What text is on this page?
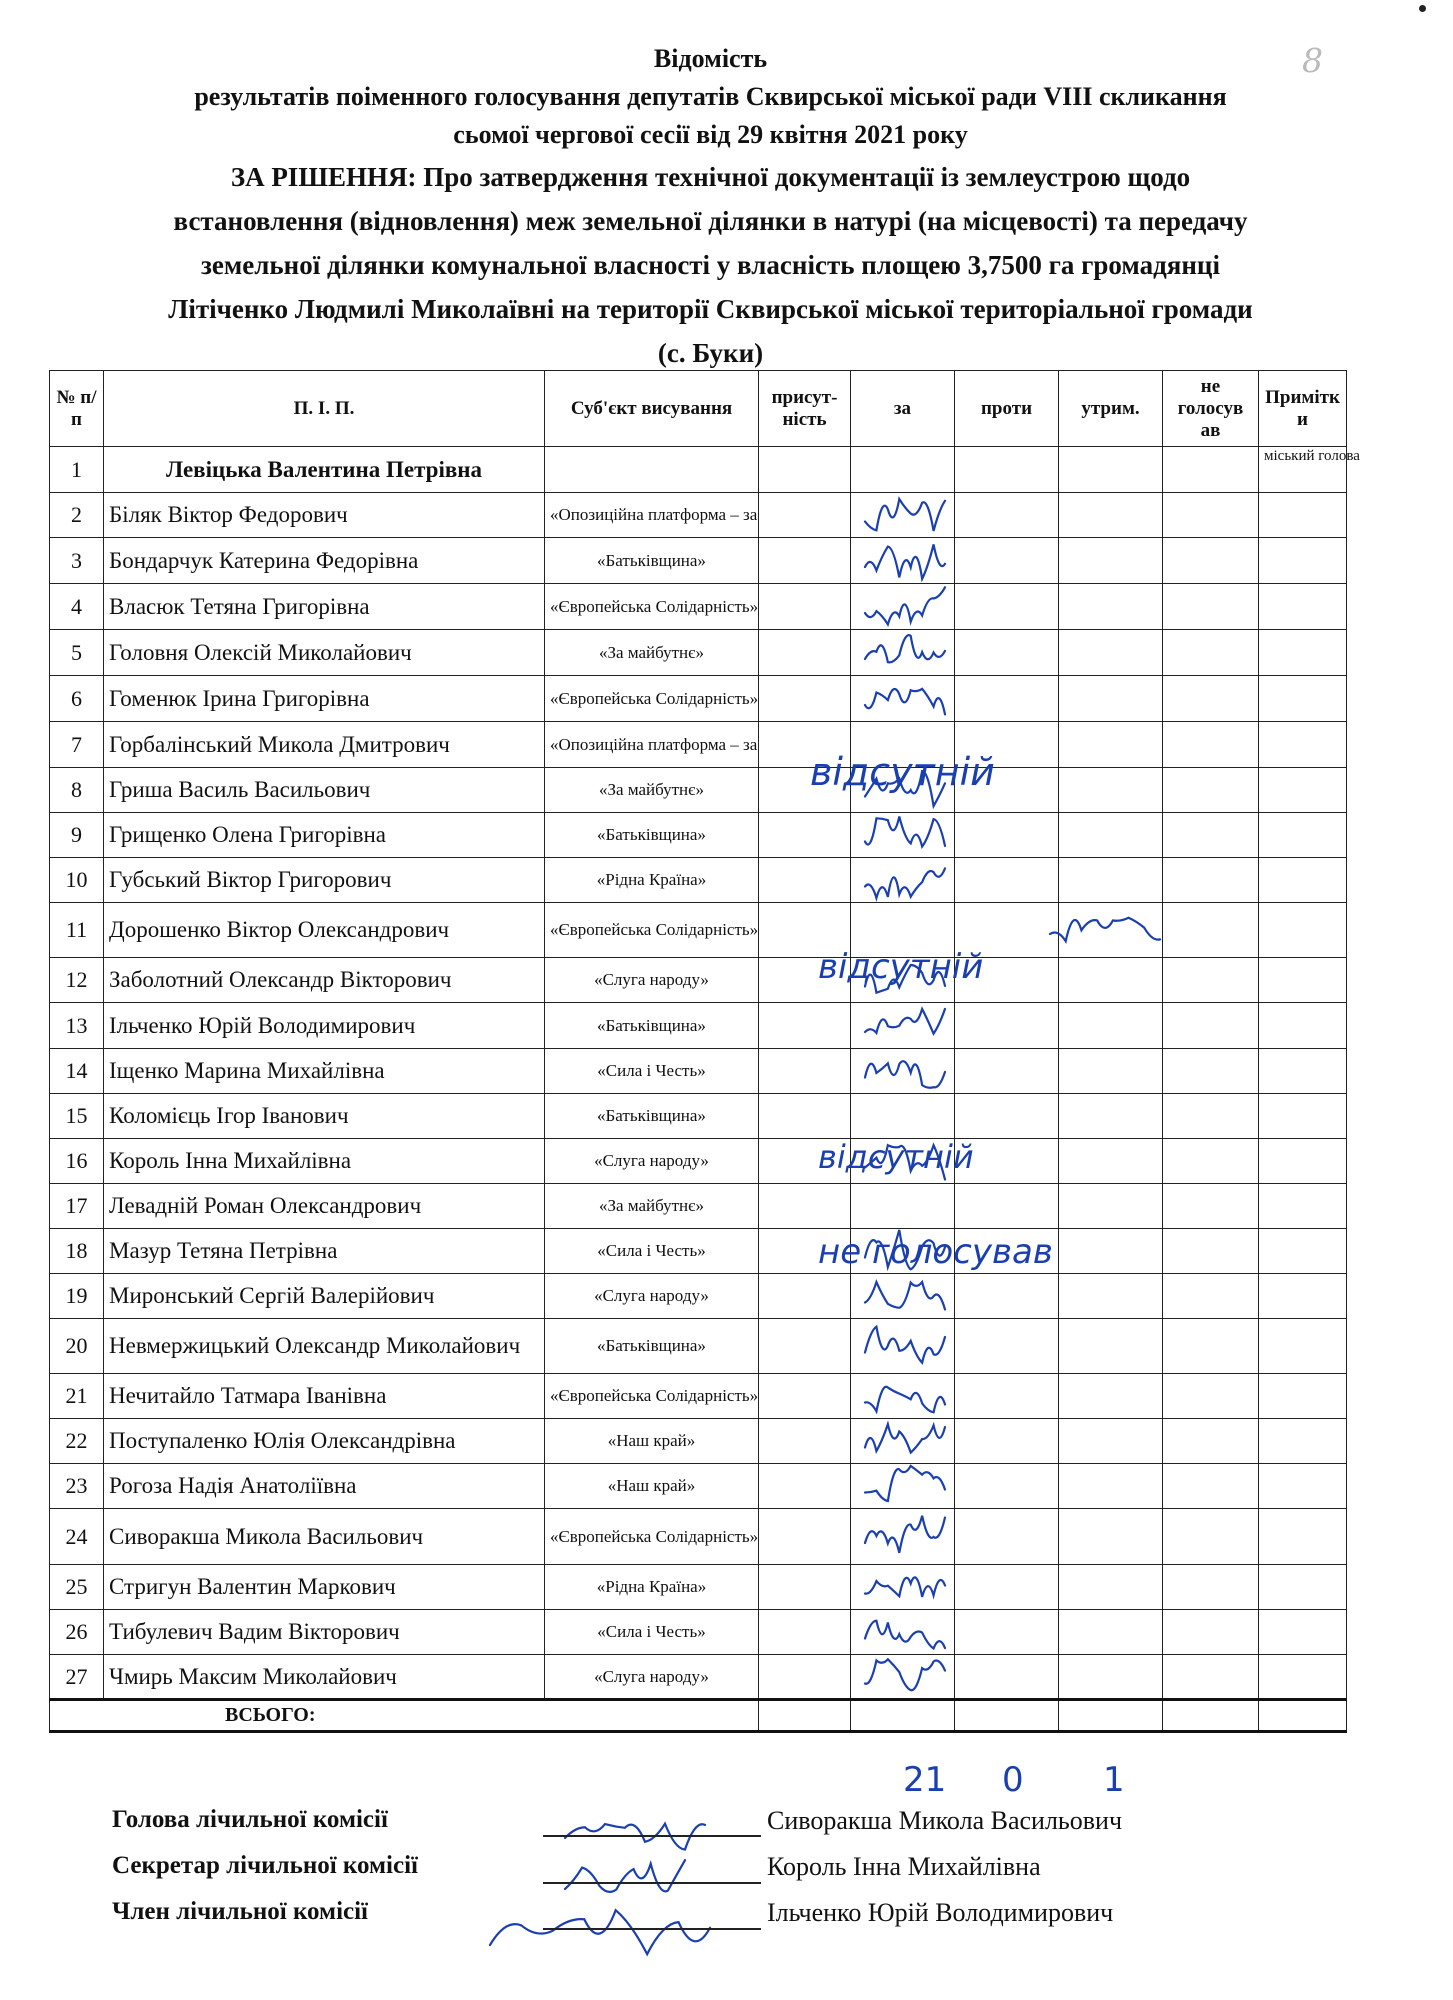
8
Відомість
результатів поіменного голосування депутатів Сквирської міської ради VIII скликання
сьомої чергової сесії від 29 квітня 2021 року
ЗА РІШЕННЯ: Про затвердження технічної документації із землеустрою щодо
встановлення (відновлення) меж земельної ділянки в натурі (на місцевості) та передачу
земельної ділянки комунальної власності у власність площею 3,7500 га громадянці
Літіченко Людмилі Миколаївні на території Сквирської міської територіальної громади
(с. Буки)
№ п/п	П. І. П.	Суб'єкт висування	присут-ність	за	проти	утрим.	не голосув ав	Примітк и
1	Левіцька Валентина Петрівна							міський голова
2	Біляк Віктор Федорович	«Опозиційна платформа – за						
3	Бондарчук Катерина Федорівна	«Батьківщина»						
4	Власюк Тетяна Григорівна	«Європейська Солідарність»						
5	Головня Олексій Миколайович	«За майбутнє»						
6	Гоменюк Ірина Григорівна	«Європейська Солідарність»						
7	Горбалінський Микола Дмитрович	«Опозиційна платформа – за						
8	Гриша Василь Васильович	«За майбутнє»						
9	Грищенко Олена Григорівна	«Батьківщина»						
10	Губський Віктор Григорович	«Рідна Країна»						
11	Дорошенко Віктор Олександрович	«Європейська Солідарність»						
12	Заболотний Олександр Вікторович	«Слуга народу»						
13	Ільченко Юрій Володимирович	«Батьківщина»						
14	Іщенко Марина Михайлівна	«Сила і Честь»						
15	Коломієць Ігор Іванович	«Батьківщина»						
16	Король Інна Михайлівна	«Слуга народу»						
17	Левадній Роман Олександрович	«За майбутнє»						
18	Мазур Тетяна Петрівна	«Сила і Честь»						
19	Миронський Сергій Валерійович	«Слуга народу»						
20	Невмержицький Олександр Миколайович	«Батьківщина»						
21	Нечитайло Татмара Іванівна	«Європейська Солідарність»						
22	Поступаленко Юлія Олександрівна	«Наш край»						
23	Рогоза Надія Анатоліївна	«Наш край»						
24	Сиворакша Микола Васильович	«Європейська Солідарність»						
25	Стригун Валентин Маркович	«Рідна Країна»						
26	Тибулевич Вадим Вікторович	«Сила і Честь»						
27	Чмирь Максим Миколайович	«Слуга народу»						
ВСЬОГО:								
відсутній
відсутній
відсутній
не голосував
21 0 1
Голова лічильної комісії	Сиворакша Микола Васильович
Секретар лічильної комісії	Король Інна Михайлівна
Член лічильної комісії	Ільченко Юрій Володимирович
